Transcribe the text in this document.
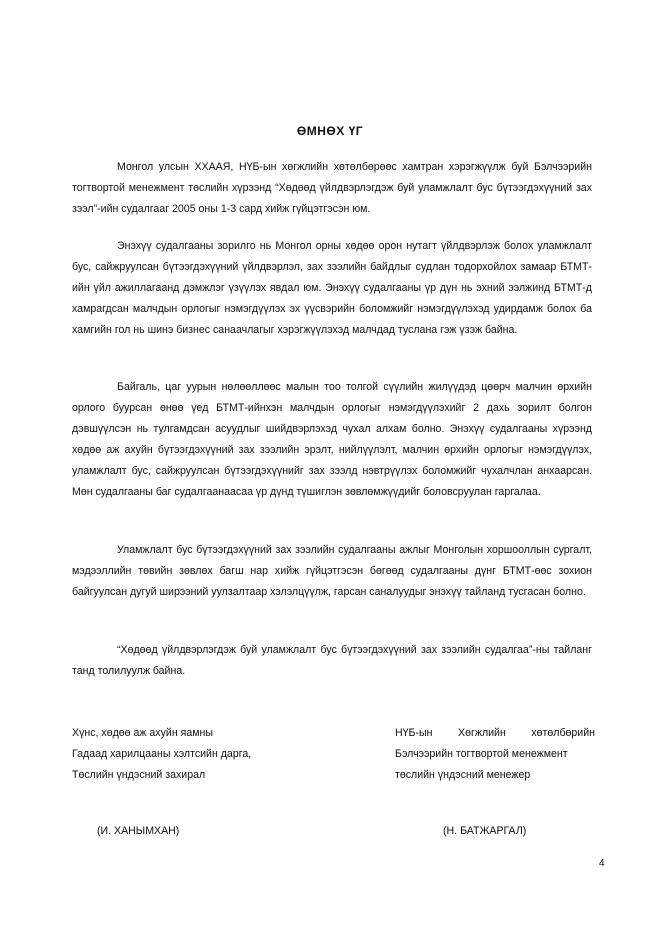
ӨМНӨХ ҮГ

Монгол улсын ХХААЯ, НҮБ-ын хөгжлийн хөтөлбөрөөс хамтран хэрэгжүүлж буй Бэлчээрийн тогтвортой менежмент төслийн хүрээнд “Хөдөөд үйлдвэрлэгдэж буй уламжлалт бус бүтээгдэхүүний зах зээл”-ийн судалгааг 2005 оны 1-3 сард хийж гүйцэтгэсэн юм.

Энэхүү судалгааны зорилго нь Монгол орны хөдөө орон нутагт үйлдвэрлэж болох уламжлалт бус, сайжруулсан бүтээгдэхүүний үйлдвэрлэл, зах зээлийн байдлыг судлан тодорхойлох замаар БТМТ-ийн үйл ажиллагаанд дэмжлэг үзүүлэх явдал юм. Энэхүү судалгааны үр дүн нь эхний ээлжинд БТМТ-д хамрагдсан малчдын орлогыг нэмэгдүүлэх эх үүсвэрийн боломжийг нэмэгдүүлэхэд удирдамж болох ба хамгийн гол нь шинэ бизнес санаачлагыг хэрэгжүүлэхэд малчдад туслана гэж үзэж байна.

Байгаль, цаг уурын нөлөөллөөс малын тоо толгой сүүлийн жилүүдэд цөөрч малчин өрхийн орлого буурсан өнөө үед БТМТ-ийнхэн малчдын орлогыг нэмэгдүүлэхийг 2 дахь зорилт болгон дэвшүүлсэн нь тулгамдсан асуудлыг шийдвэрлэхэд чухал алхам болно. Энэхүү судалгааны хүрээнд хөдөө аж ахуйн бүтээгдэхүүний зах зээлийн эрэлт, нийлүүлэлт, малчин өрхийн орлогыг нэмэгдүүлэх, уламжлалт бус, сайжруулсан бүтээгдэхүүнийг зах зээлд нэвтрүүлэх боломжийг чухалчлан анхаарсан. Мөн судалгааны баг судалгаанаасаа үр дүнд түшиглэн зөвлөмжүүдийг боловсруулан гаргалаа.

Уламжлалт бус бүтээгдэхүүний зах зээлийн судалгааны ажлыг Монголын хоршооллын сургалт, мэдээллийн төвийн зөвлөх багш нар хийж гүйцэтгэсэн бөгөөд судалгааны дүнг БТМТ-өөс зохион байгуулсан дугуй ширээний уулзалтаар хэлэлцүүлж, гарсан саналуудыг энэхүү тайланд тусгасан болно.

“Хөдөөд үйлдвэрлэгдэж буй уламжлалт бус бүтээгдэхүүний зах зээлийн судалгаа”-ны тайланг танд толилуулж байна.

Хүнс, хөдөө аж ахуйн яамны
Гадаад харилцааны хэлтсийн дарга,
Төслийн үндэсний захирал
НҮБ-ын Хөгжлийн хөтөлбөрийн
Бэлчээрийн тогтвортой менежмент
төслийн үндэсний менежер
(И. ХАНЫМХАН)	(Н. БАТЖАРГАЛ)
4
